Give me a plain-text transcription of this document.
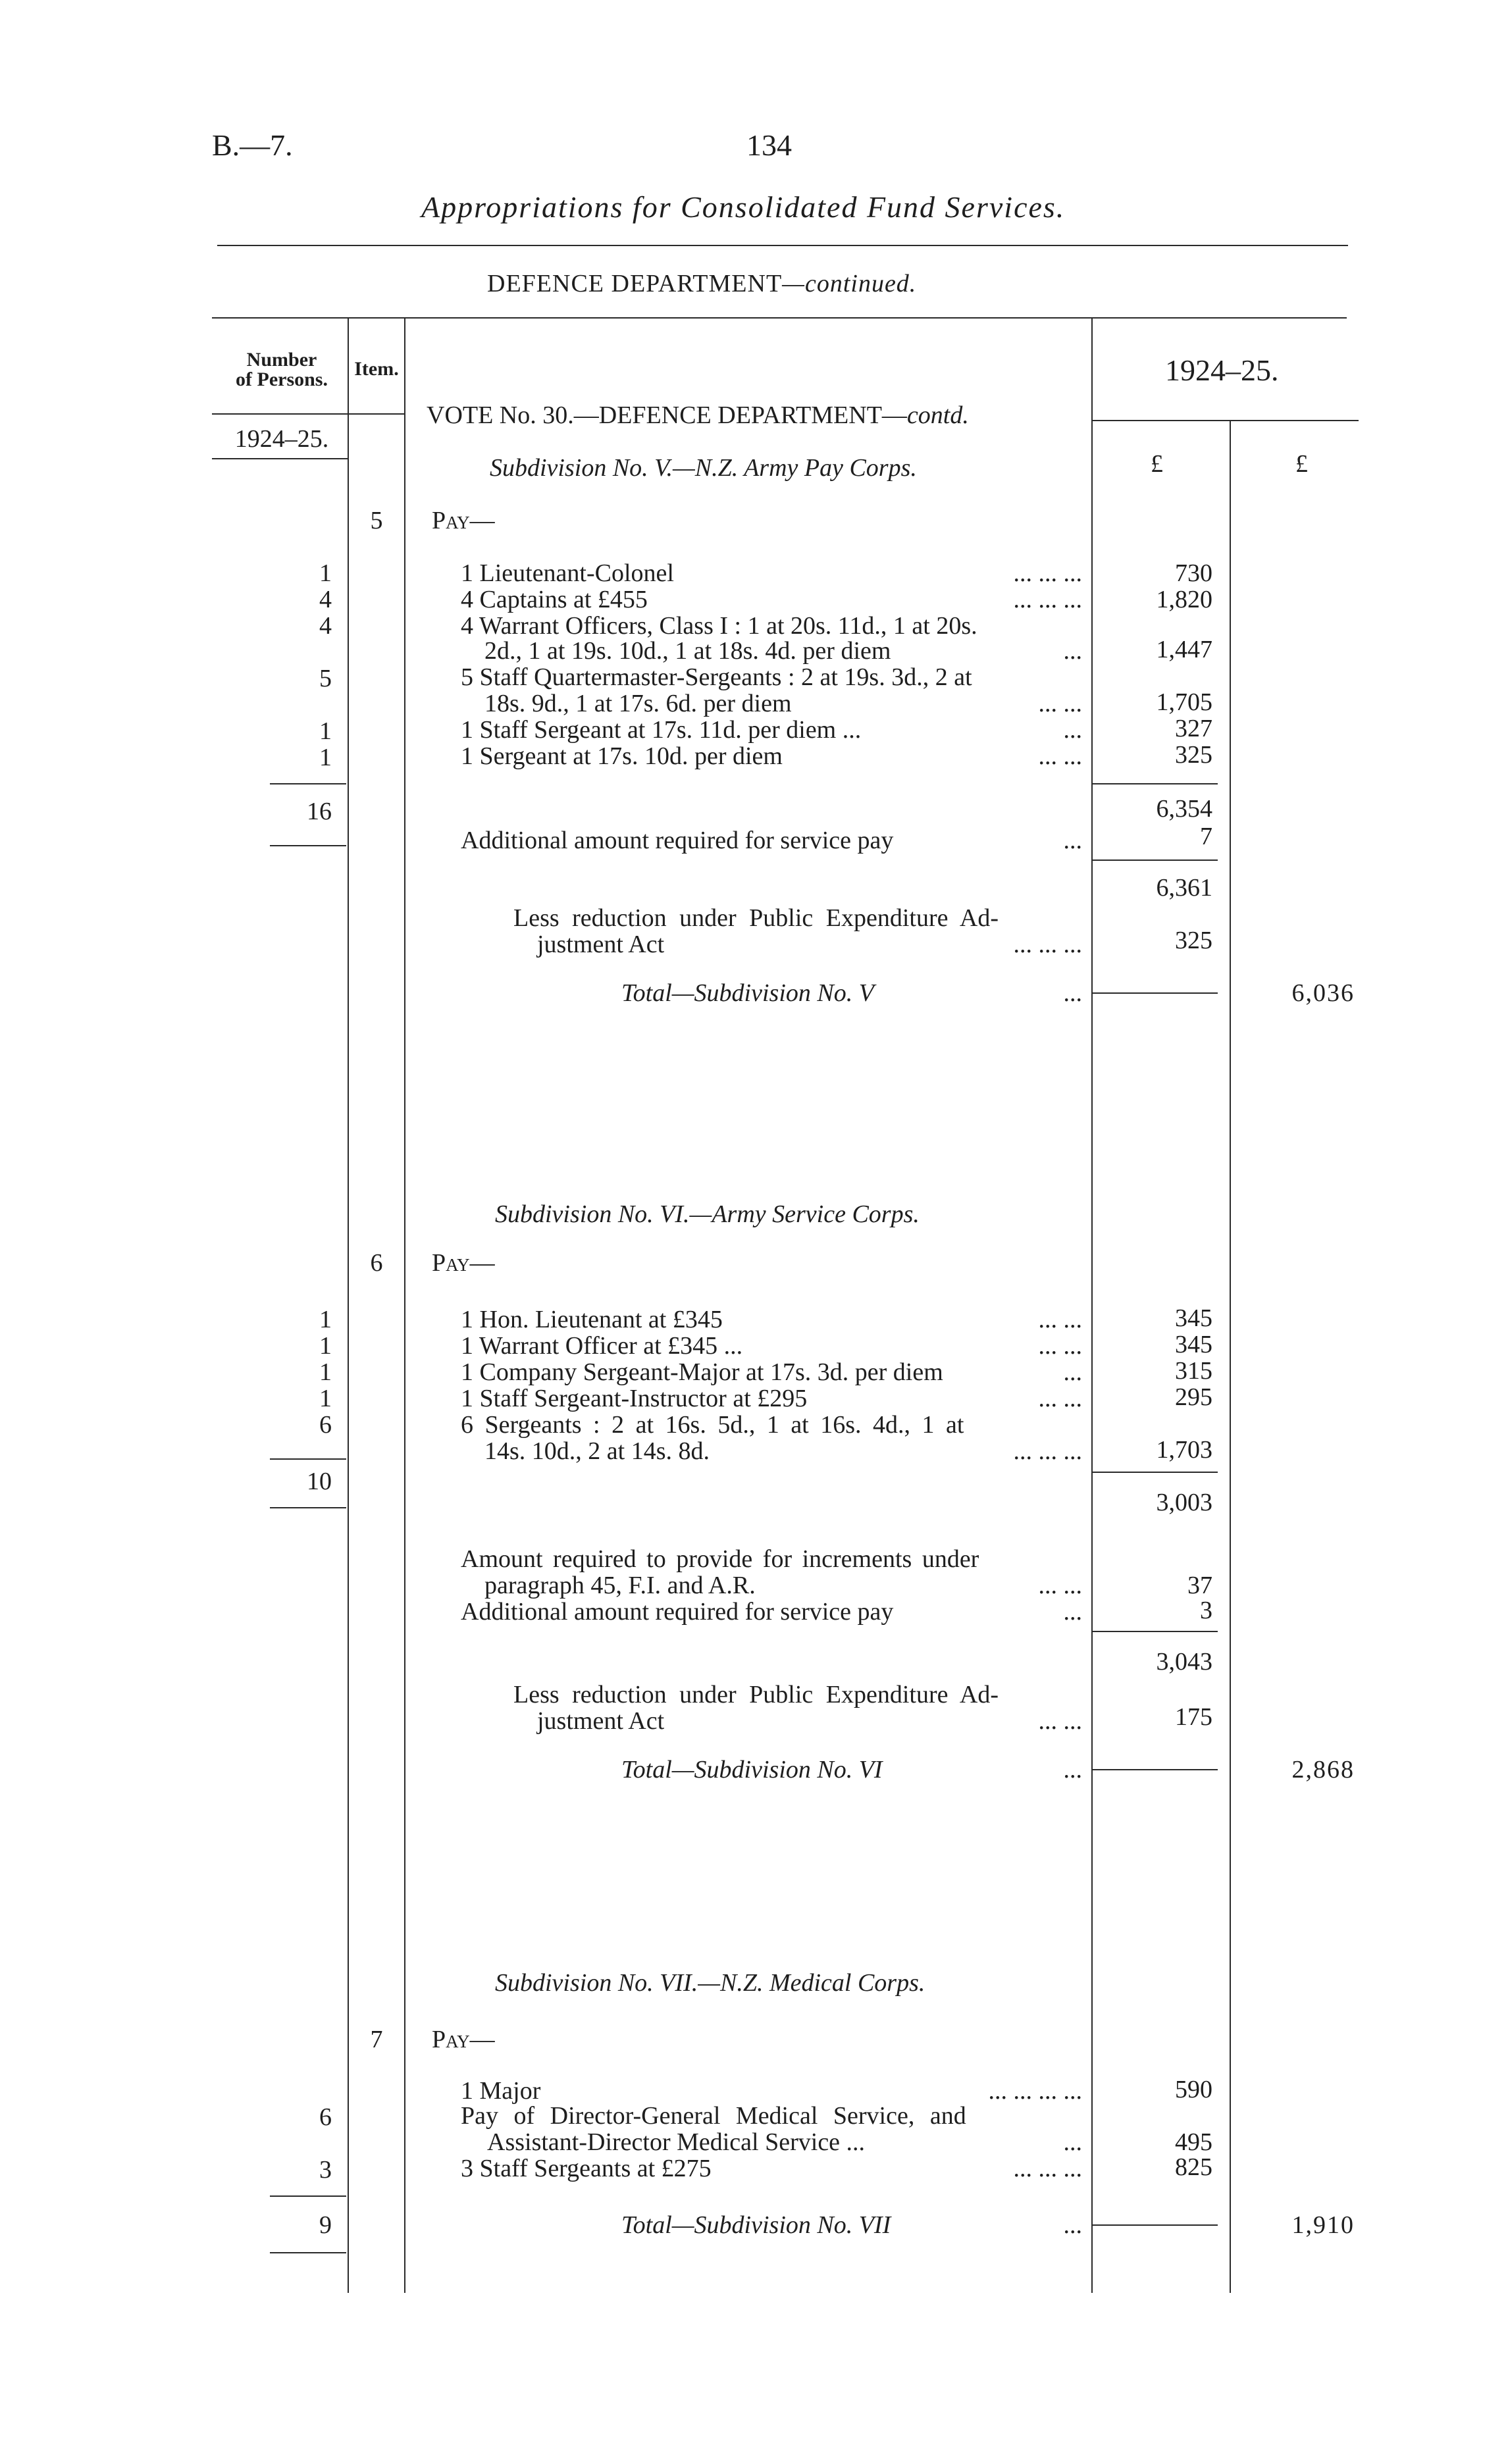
B.—7.	134
Appropriations for Consolidated Fund Services.
DEFENCE DEPARTMENT—continued.
Number
of Persons.	Item.	1924–25.
1924–25.
£	£
VOTE No. 30.—DEFENCE DEPARTMENT—contd.
Subdivision No. V.—N.Z. Army Pay Corps.
5	Pay—
1	1 Lieutenant-Colonel	... ... ...	730
4	4 Captains at £455	... ... ...	1,820
4	4 Warrant Officers, Class I : 1 at 20s. 11d., 1 at 20s.
2d., 1 at 19s. 10d., 1 at 18s. 4d. per diem	...	1,447
5	5 Staff Quartermaster-Sergeants : 2 at 19s. 3d., 2 at
18s. 9d., 1 at 17s. 6d. per diem	... ...	1,705
1	1 Staff Sergeant at 17s. 11d. per diem ...	...	327
1	1 Sergeant at 17s. 10d. per diem	... ...	325
16	6,354
Additional amount required for service pay	...	7
6,361
Less reduction under Public Expenditure Ad-
justment Act	... ... ...	325
Total—Subdivision No. V	...	6,036
Subdivision No. VI.—Army Service Corps.
6	Pay—
1	1 Hon. Lieutenant at £345	... ...	345
1	1 Warrant Officer at £345 ...	... ...	345
1	1 Company Sergeant-Major at 17s. 3d. per diem	...	315
1	1 Staff Sergeant-Instructor at £295	... ...	295
6	6 Sergeants : 2 at 16s. 5d., 1 at 16s. 4d., 1 at
14s. 10d., 2 at 14s. 8d.	... ... ...	1,703
10
3,003
Amount required to provide for increments under
paragraph 45, F.I. and A.R.	... ...	37
Additional amount required for service pay	...	3
3,043
Less reduction under Public Expenditure Ad-
justment Act	... ...	175
Total—Subdivision No. VI	...	2,868
Subdivision No. VII.—N.Z. Medical Corps.
7	Pay—
1 Major	... ... ... ...	590
6	Pay of Director-General Medical Service, and
Assistant-Director Medical Service ...	...	495
3	3 Staff Sergeants at £275	... ... ...	825
9	Total—Subdivision No. VII	...	1,910
